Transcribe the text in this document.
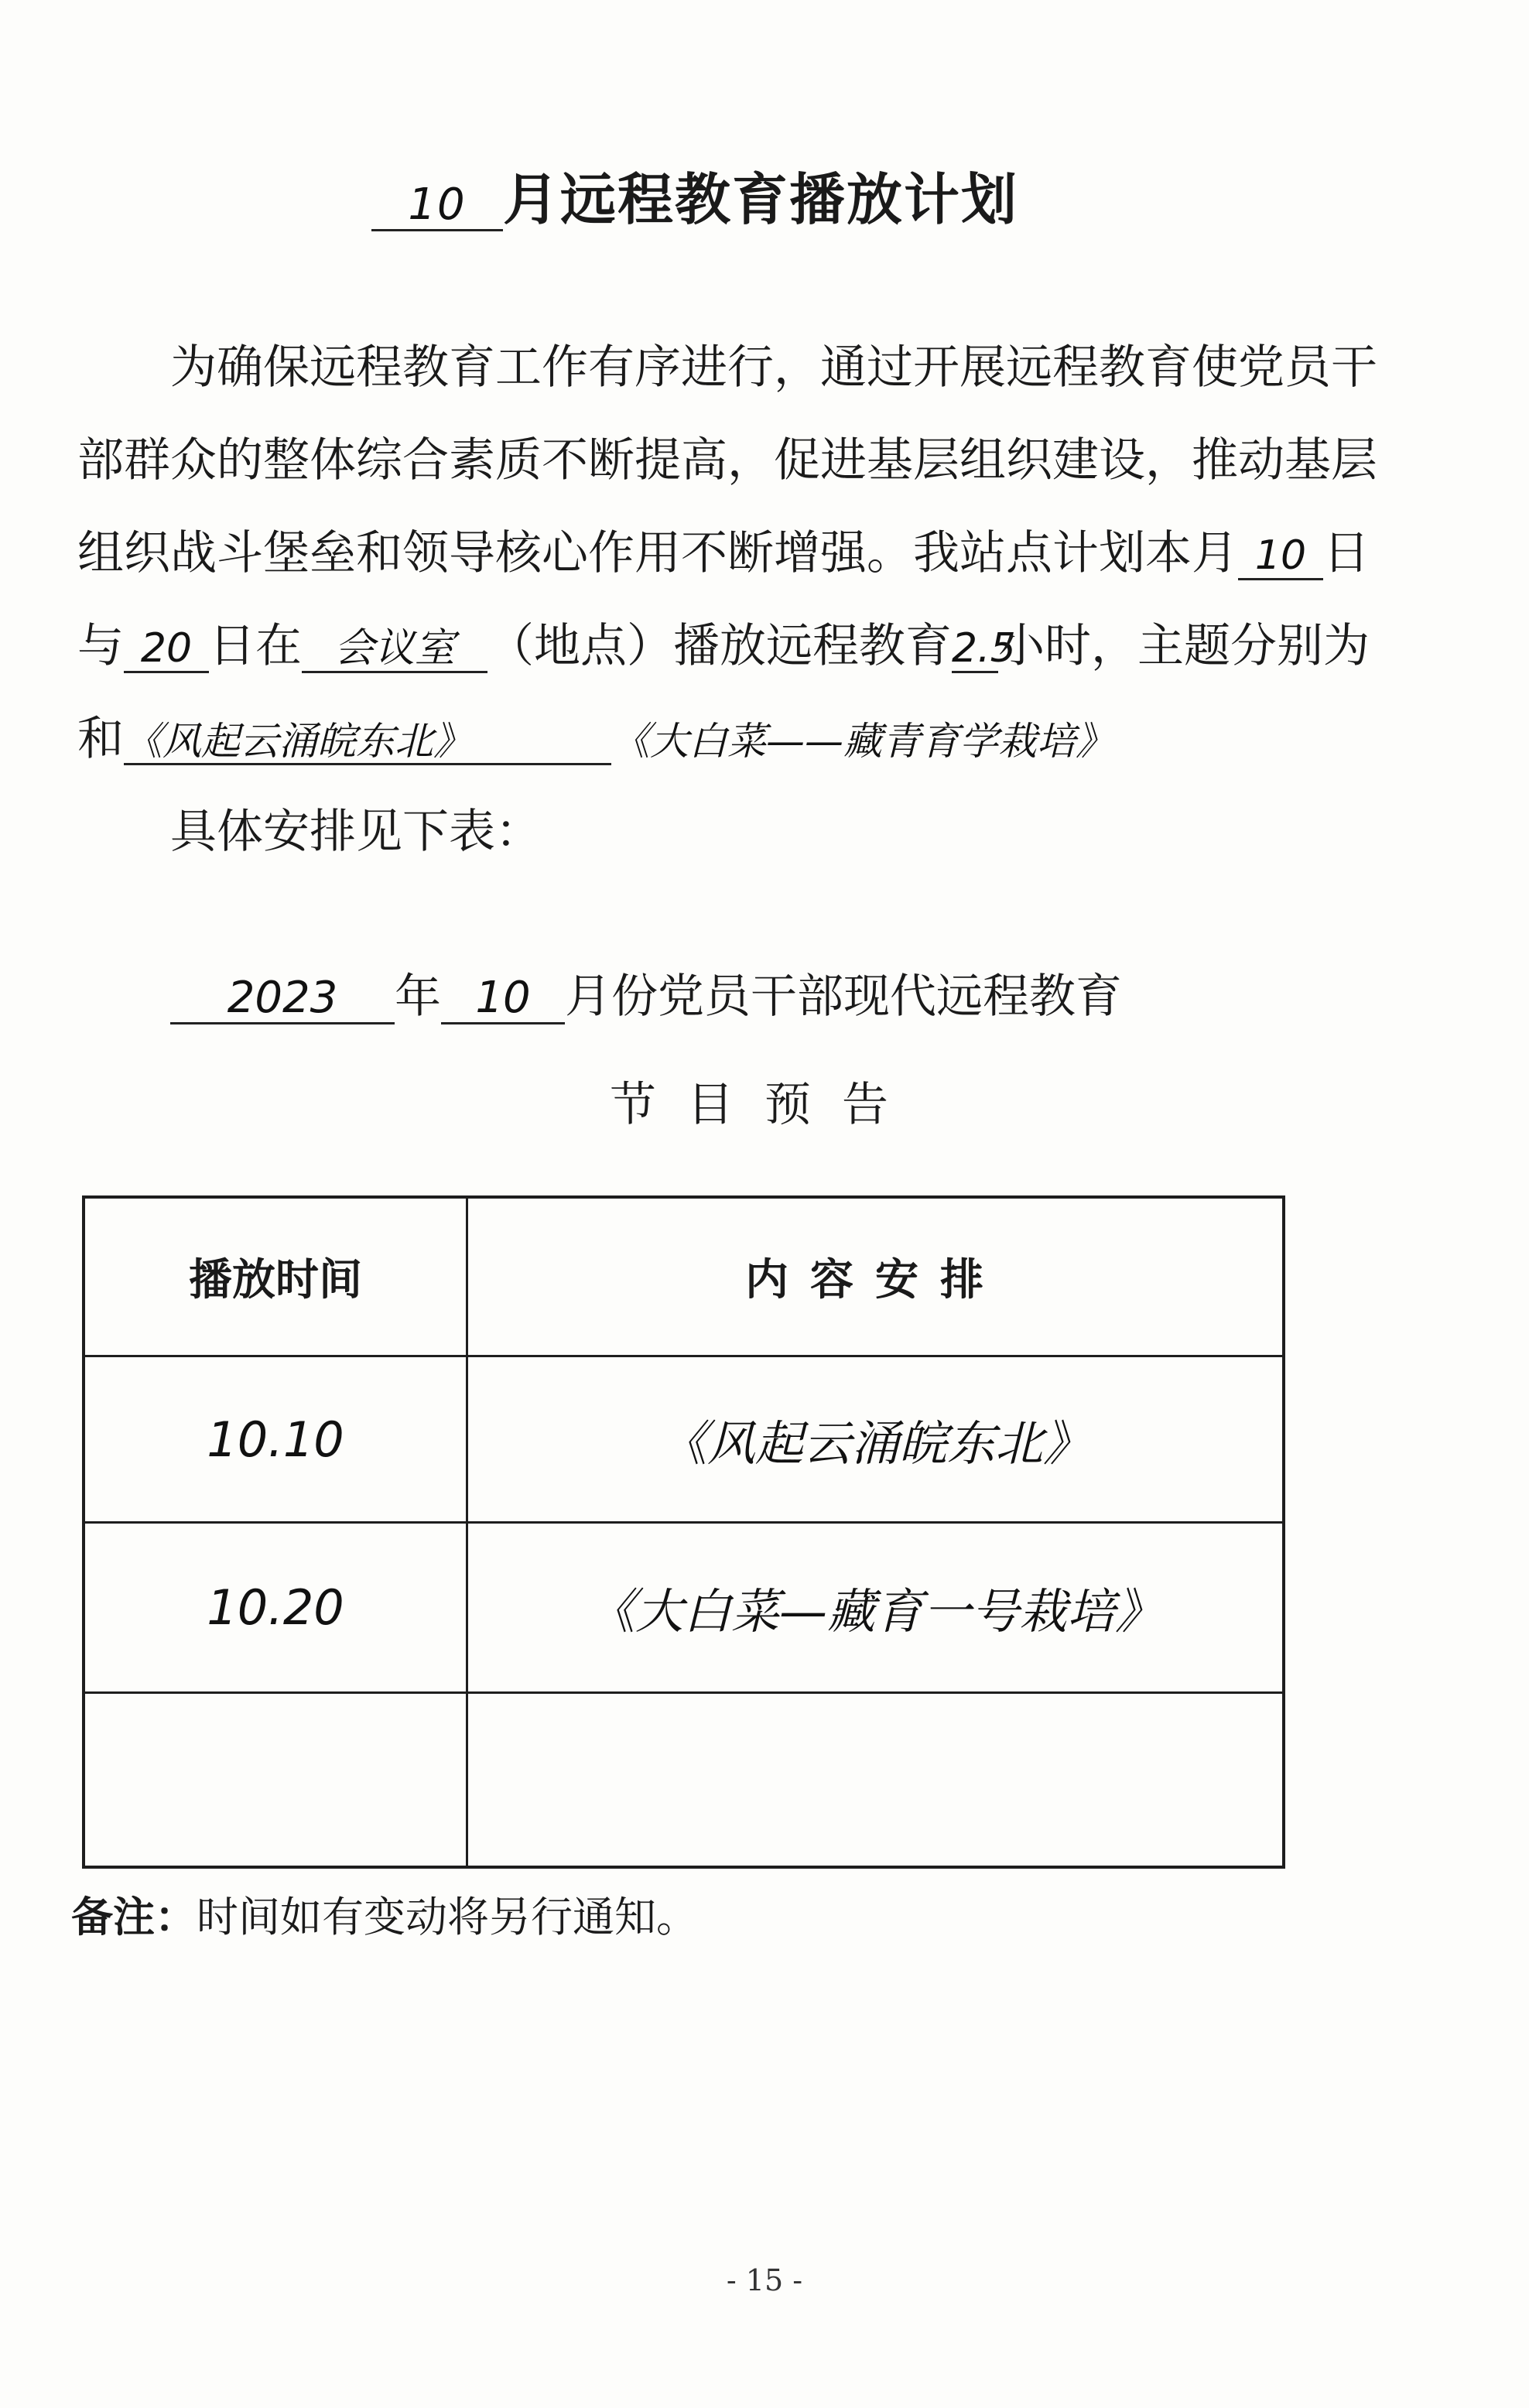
10 月远程教育播放计划
为确保远程教育工作有序进行，通过开展远程教育使党员干
部群众的整体综合素质不断提高，促进基层组织建设，推动基层
组织战斗堡垒和领导核心作用不断增强。我站点计划本月 10 日
与 20 日在 会议室 （地点）播放远程教育2.5小时，主题分别为
和《风起云涌皖东北》	《大白菜——藏青育学栽培》
具体安排见下表：
2023 年 10 月份党员干部现代远程教育
节目预告
播放时间	内容安排
10.10	《风起云涌皖东北》
10.20	《大白菜—藏育一号栽培》
备注：时间如有变动将另行通知。
- 15 -
